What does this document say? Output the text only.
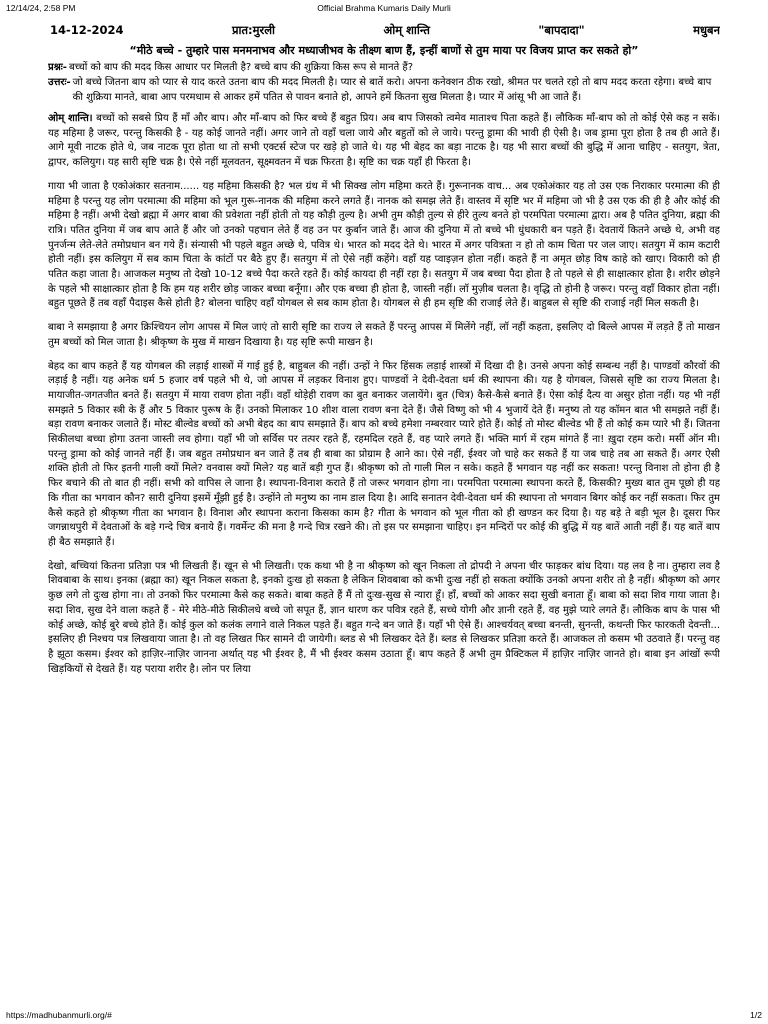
12/14/24, 2:58 PM	Official Brahma Kumaris Daily Murli
14-12-2024	प्रात:मुरली	ओम् शान्ति	"बापदादा"	मधुबन
“मीठे बच्चे - तुम्हारे पास मनमनाभव और मध्याजीभव के तीक्ष्ण बाण हैं, इन्हीं बाणों से तुम माया पर विजय प्राप्त कर सकते हो”
प्रश्नः- बच्चों को बाप की मदद किस आधार पर मिलती है? बच्चे बाप की शुक्रिया किस रूप से मानते हैं?
उत्तरः- जो बच्चे जितना बाप को प्यार से याद करते उतना बाप की मदद मिलती है। प्यार से बातें करो। अपना कनेक्शन ठीक रखो, श्रीमत पर चलते रहो तो बाप मदद करता रहेगा। बच्चे बाप की शुक्रिया मानते, बाबा आप परमधाम से आकर हमें पतित से पावन बनाते हो, आपने हमें कितना सुख मिलता है। प्यार में आंसू भी आ जाते हैं।

ओम् शान्ति। बच्चों को सबसे प्रिय हैं माँ और बाप। और माँ-बाप को फिर बच्चे हैं बहुत प्रिय। अब बाप जिसको त्वमेव माताश्च पिता कहते हैं। लौकिक माँ-बाप को तो कोई ऐसे कह न सकें। यह महिमा है जरूर, परन्तु किसकी है - यह कोई जानते नहीं। अगर जाने तो वहाँ चला जाये और बहुतों को ले जाये। परन्तु ड्रामा की भावी ही ऐसी है। जब ड्रामा पूरा होता है तब ही आते हैं। आगे मूवी नाटक होते थे, जब नाटक पूरा होता था तो सभी एक्टर्स स्टेज पर खड़े हो जाते थे। यह भी बेहद का बड़ा नाटक है। यह भी सारा बच्चों की बुद्धि में आना चाहिए - सतयुग, त्रेता, द्वापर, कलियुग। यह सारी सृष्टि चक्र है। ऐसे नहीं मूलवतन, सूक्ष्मवतन में चक्र फिरता है। सृष्टि का चक्र यहाँ ही फिरता है।

गाया भी जाता है एकोअंकार सतनाम...... यह महिमा किसकी है? भल ग्रंथ में भी सिक्ख लोग महिमा करते हैं। गुरूनानक वाच... अब एकोअंकार यह तो उस एक निराकार परमात्मा की ही महिमा है परन्तु यह लोग परमात्मा की महिमा को भूल गुरू-नानक की महिमा करने लगते हैं। नानक को समझ लेते हैं। वास्तव में सृष्टि भर में महिमा जो भी है उस एक की ही है और कोई की महिमा है नहीं। अभी देखो ब्रह्मा में अगर बाबा की प्रवेशता नहीं होती तो यह कौड़ी तुल्य है। अभी तुम कौड़ी तुल्य से हीरे तुल्य बनते हो परमपिता परमात्मा द्वारा। अब है पतित दुनिया, ब्रह्मा की रात्रि। पतित दुनिया में जब बाप आते हैं और जो उनको पहचान लेते हैं वह उन पर कुर्बान जाते हैं। आज की दुनिया में तो बच्चे भी धुंधकारी बन पड़ते हैं। देवतायें कितने अच्छे थे, अभी वह पुनर्जन्म लेते-लेते तमोप्रधान बन गये हैं। संन्यासी भी पहले बहुत अच्छे थे, पवित्र थे। भारत को मदद देते थे। भारत में अगर पवित्रता न हो तो काम चिता पर जल जाए। सतयुग में काम कटारी होती नहीं। इस कलियुग में सब काम चिता के कांटों पर बैठे हुए हैं। सतयुग में तो ऐसे नहीं कहेंगे। वहाँ यह प्वाइज़न होता नहीं। कहते हैं ना अमृत छोड़ विष काहे को खाए। विकारी को ही पतित कहा जाता है। आजकल मनुष्य तो देखो 10-12 बच्चे पैदा करते रहते हैं। कोई कायदा ही नहीं रहा है। सतयुग में जब बच्चा पैदा होता है तो पहले से ही साक्षात्कार होता है। शरीर छोड़ने के पहले भी साक्षात्कार होता है कि हम यह शरीर छोड़ जाकर बच्चा बनूँगा। और एक बच्चा ही होता है, जास्ती नहीं। लॉ मुज़ीब चलता है। वृद्धि तो होनी है जरूर। परन्तु वहाँ विकार होता नहीं। बहुत पूछते हैं तब वहाँ पैदाइस कैसे होती है? बोलना चाहिए वहाँ योगबल से सब काम होता है। योगबल से ही हम सृष्टि की राजाई लेते हैं। बाहुबल से सृष्टि की राजाई नहीं मिल सकती है।

बाबा ने समझाया है अगर क्रिश्चियन लोग आपस में मिल जाएं तो सारी सृष्टि का राज्य ले सकते हैं परन्तु आपस में मिलेंगे नहीं, लॉ नहीं कहता, इसलिए दो बिल्ले आपस में लड़ते हैं तो माखन तुम बच्चों को मिल जाता है। श्रीकृष्ण के मुख में माखन दिखाया है। यह सृष्टि रूपी माखन है।

बेहद का बाप कहते हैं यह योगबल की लड़ाई शास्त्रों में गाई हुई है, बाहुबल की नहीं। उन्हों ने फिर हिंसक लड़ाई शास्त्रों में दिखा दी है। उनसे अपना कोई सम्बन्ध नहीं है। पाण्डवों कौरवों की लड़ाई है नहीं। यह अनेक धर्म 5 हजार वर्ष पहले भी थे, जो आपस में लड़कर विनाश हुए। पाण्डवों ने देवी-देवता धर्म की स्थापना की। यह है योगबल, जिससे सृष्टि का राज्य मिलता है। मायाजीत-जगतजीत बनते हैं। सतयुग में माया रावण होता नहीं। वहाँ थोड़ेही रावण का बुत बनाकर जलायेंगे। बुत (चित्र) कैसे-कैसे बनाते हैं। ऐसा कोई दैत्य वा असुर होता नहीं। यह भी नहीं समझते 5 विकार स्त्री के हैं और 5 विकार पुरूष के हैं। उनको मिलाकर 10 शीश वाला रावण बना देते हैं। जैसे विष्णु को भी 4 भुजायें देते हैं। मनुष्य तो यह कॉमन बात भी समझते नहीं हैं। बड़ा रावण बनाकर जलाते हैं। मोस्ट बील्वेड बच्चों को अभी बेहद का बाप समझाते हैं। बाप को बच्चे हमेशा नम्बरवार प्यारे होते हैं। कोई तो मोस्ट बील्वेड भी हैं तो कोई कम प्यारे भी हैं। जितना सिकीलधा बच्चा होगा उतना जास्ती लव होगा। यहाँ भी जो सर्विस पर तत्पर रहते हैं, रहमदिल रहते हैं, वह प्यारे लगते हैं। भक्ति मार्ग में रहम मांगते हैं ना! ख़ुदा रहम करो। मर्सी ऑन मी। परन्तु ड्रामा को कोई जानते नहीं हैं। जब बहुत तमोप्रधान बन जाते हैं तब ही बाबा का प्रोग्राम है आने का। ऐसे नहीं, ईश्वर जो चाहे कर सकते हैं या जब चाहे तब आ सकते हैं। अगर ऐसी शक्ति होती तो फिर इतनी गाली क्यों मिले? वनवास क्यों मिले? यह बातें बड़ी गुप्त हैं। श्रीकृष्ण को तो गाली मिल न सके। कहते हैं भगवान यह नहीं कर सकता! परन्तु विनाश तो होना ही है फिर बचाने की तो बात ही नहीं। सभी को वापिस ले जाना है। स्थापना-विनाश कराते हैं तो जरूर भगवान होगा ना। परमपिता परमात्मा स्थापना करते हैं, किसकी? मुख्य बात तुम पूछो ही यह कि गीता का भगवान कौन? सारी दुनिया इसमें मूँझी हुई है। उन्होंने तो मनुष्य का नाम डाल दिया है। आदि सनातन देवी-देवता धर्म की स्थापना तो भगवान बिगर कोई कर नहीं सकता। फिर तुम कैसे कहते हो श्रीकृष्ण गीता का भगवान है। विनाश और स्थापना कराना किसका काम है? गीता के भगवान को भूल गीता को ही खण्डन कर दिया है। यह बड़े ते बड़ी भूल है। दूसरा फिर जगन्नाथपुरी में देवताओं के बड़े गन्दे चित्र बनाये हैं। गवर्मेन्ट की मना है गन्दे चित्र रखने की। तो इस पर समझाना चाहिए। इन मन्दिरों पर कोई की बुद्धि में यह बातें आती नहीं हैं। यह बातें बाप ही बैठ समझाते हैं।

देखो, बच्चियां कितना प्रतिज्ञा पत्र भी लिखती हैं। खून से भी लिखती। एक कथा भी है ना श्रीकृष्ण को खून निकला तो द्रोपदी ने अपना चीर फाड़कर बांध दिया। यह लव है ना। तुम्हारा लव है शिवबाबा के साथ। इनका (ब्रह्मा का) खून निकल सकता है, इनको दुःख हो सकता है लेकिन शिवबाबा को कभी दुःख नहीं हो सकता क्योंकि उनको अपना शरीर तो है नहीं। श्रीकृष्ण को अगर कुछ लगे तो दुःख होगा ना। तो उनको फिर परमात्मा कैसे कह सकते। बाबा कहते हैं मैं तो दुःख-सुख से न्यारा हूँ। हाँ, बच्चों को आकर सदा सुखी बनाता हूँ। बाबा को सदा शिव गाया जाता है। सदा शिव, सुख देने वाला कहते हैं - मेरे मीठे-मीठे सिकीलधे बच्चे जो सपूत हैं, ज्ञान धारण कर पवित्र रहते हैं, सच्चे योगी और ज्ञानी रहते हैं, वह मुझे प्यारे लगते हैं। लौकिक बाप के पास भी कोई अच्छे, कोई बुरे बच्चे होते हैं। कोई कुल को कलंक लगाने वाले निकल पड़ते हैं। बहुत गन्दे बन जाते हैं। यहाँ भी ऐसे हैं। आश्चर्यवत् बच्चा बनन्ती, सुनन्ती, कथन्ती फिर फारकती देवन्ती... इसलिए ही निश्चय पत्र लिखवाया जाता है। तो वह लिखत फिर सामने दी जायेगी। ब्लड से भी लिखकर देते हैं। ब्लड से लिखकर प्रतिज्ञा करते हैं। आजकल तो कसम भी उठवाते हैं। परन्तु वह है झूठा कसम। ईश्वर को हाज़िर-नाज़िर जानना अर्थात् यह भी ईश्वर है, मैं भी ईश्वर कसम उठाता हूँ। बाप कहते हैं अभी तुम प्रैक्टिकल में हाज़िर नाज़िर जानते हो। बाबा इन आंखों रूपी खिड़कियों से देखते हैं। यह पराया शरीर है। लोन पर लिया

https://madhubanmurli.org/#	1/2
